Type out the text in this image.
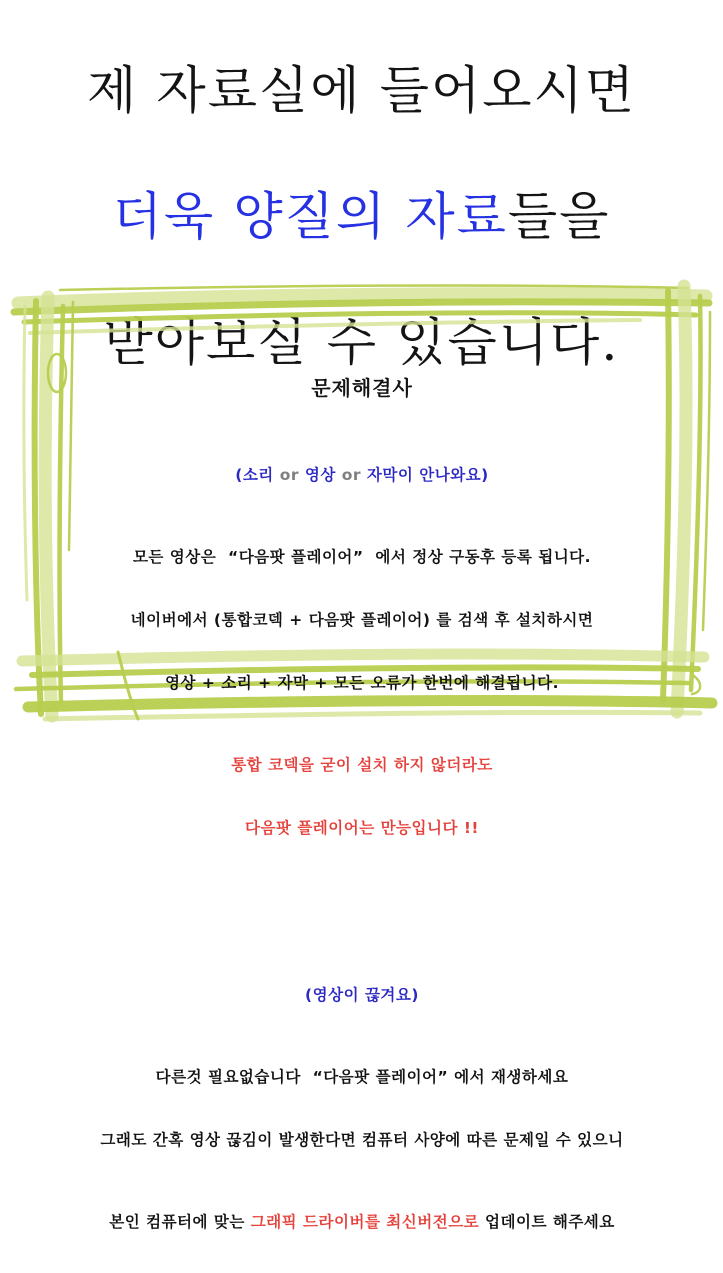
제 자료실에 들어오시면

더욱 양질의 자료들을

받아보실 수 있습니다.

문제해결사

(소리 or 영상 or 자막이 안나와요)

모든 영상은  “다음팟 플레이어”  에서 정상 구동후 등록 됩니다.

네이버에서 (통합코덱 + 다음팟 플레이어) 를 검색 후 설치하시면

영상 + 소리 + 자막 + 모든 오류가 한번에 해결됩니다.

통합 코덱을 굳이 설치 하지 않더라도

다음팟 플레이어는 만능입니다 !!

(영상이 끊겨요)

다른것 필요없습니다  “다음팟 플레이어” 에서 재생하세요

그래도 간혹 영상 끊김이 발생한다면 컴퓨터 사양에 따른 문제일 수 있으니

본인 컴퓨터에 맞는 그래픽 드라이버를 최신버전으로 업데이트 해주세요
